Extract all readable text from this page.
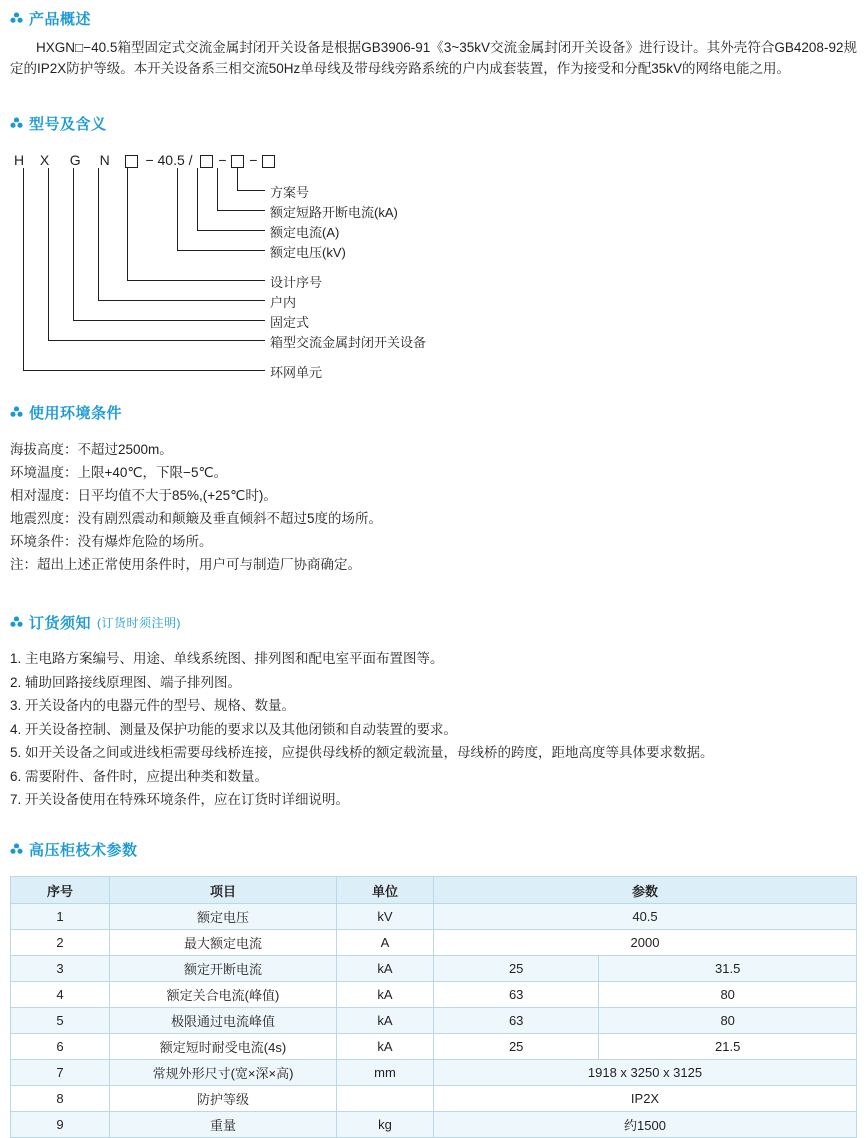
产品概述
HXGN□−40.5箱型固定式交流金属封闭开关设备是根据GB3906-91《3~35kV交流金属封闭开关设备》进行设计。其外壳符合GB4208-92规定的IP2X防护等级。本开关设备系三相交流50Hz单母线及带母线旁路系统的户内成套装置，作为接受和分配35kV的网络电能之用。
型号及含义
H X G N	− 40.5 / − −
方案号
额定短路开断电流(kA)
额定电流(A)
额定电压(kV)
设计序号
户内
固定式
箱型交流金属封闭开关设备
环网单元
使用环境条件
海拔高度：不超过2500m。
环境温度：上限+40℃，下限−5℃。
相对湿度：日平均值不大于85%,(+25℃时)。
地震烈度：没有剧烈震动和颠簸及垂直倾斜不超过5度的场所。
环境条件：没有爆炸危险的场所。
注：超出上述正常使用条件时，用户可与制造厂协商确定。
订货须知 (订货时须注明)
1. 主电路方案编号、用途、单线系统图、排列图和配电室平面布置图等。
2. 辅助回路接线原理图、端子排列图。
3. 开关设备内的电器元件的型号、规格、数量。
4. 开关设备控制、测量及保护功能的要求以及其他闭锁和自动装置的要求。
5. 如开关设备之间或进线柜需要母线桥连接，应提供母线桥的额定载流量，母线桥的跨度，距地高度等具体要求数据。
6. 需要附件、备件时，应提出种类和数量。
7. 开关设备使用在特殊环境条件，应在订货时详细说明。
高压柜枝术参数
序号	项目	单位	参数	
1	额定电压	kV	40.5	
2	最大额定电流	A	2000	
3	额定开断电流	kA	25	31.5
4	额定关合电流(峰值)	kA	63	80
5	极限通过电流峰值	kA	63	80
6	额定短时耐受电流(4s)	kA	25	21.5
7	常规外形尺寸(宽×深×高)	mm	1918 x 3250 x 3125	
8	防护等级		IP2X	
9	重量	kg	约1500	
